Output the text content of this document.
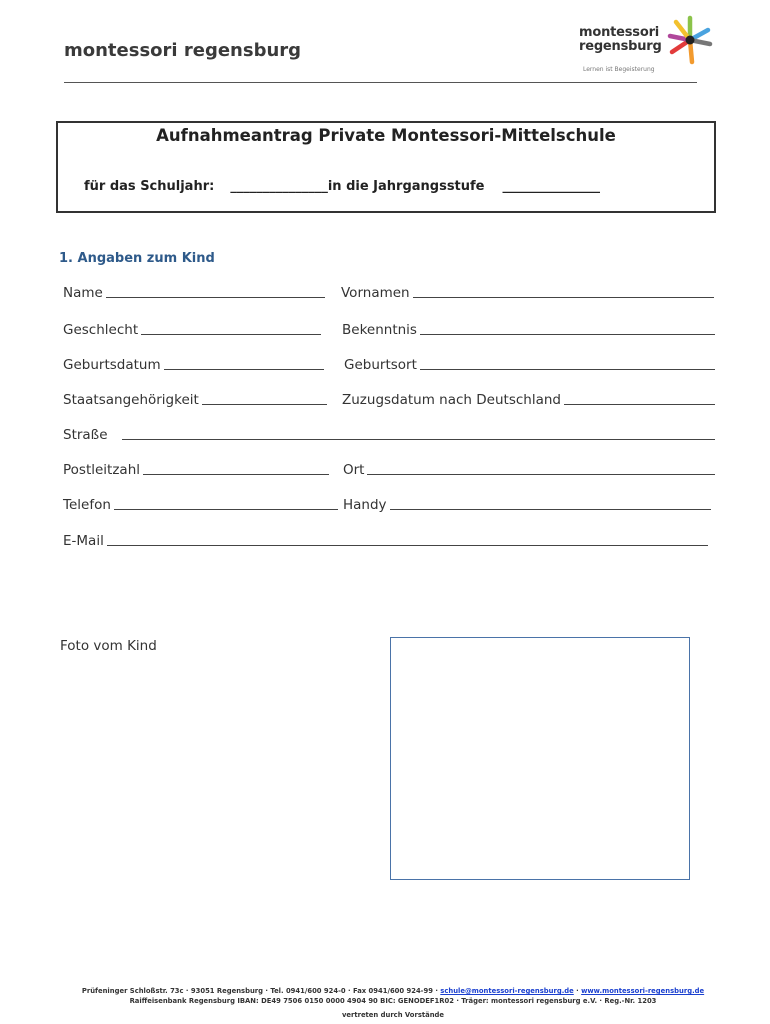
montessori regensburg
montessori
regensburg
Lernen ist Begeisterung
Aufnahmeantrag Private Montessori-Mittelschule
für das Schuljahr: _______________in die Jahrgangsstufe _______________
1. Angaben zum Kind
Name	Vornamen
Geschlecht	Bekenntnis
Geburtsdatum	Geburtsort
Staatsangehörigkeit	Zuzugsdatum nach Deutschland
Straße
Postleitzahl	Ort
Telefon	Handy
E-Mail
Foto vom Kind
Prüfeninger Schloßstr. 73c · 93051 Regensburg · Tel. 0941/600 924-0 · Fax 0941/600 924-99 · schule@montessori-regensburg.de · www.montessori-regensburg.de
Raiffeisenbank Regensburg IBAN: DE49 7506 0150 0000 4904 90 BIC: GENODEF1R02 · Träger: montessori regensburg e.V. · Reg.-Nr. 1203
vertreten durch Vorstände
